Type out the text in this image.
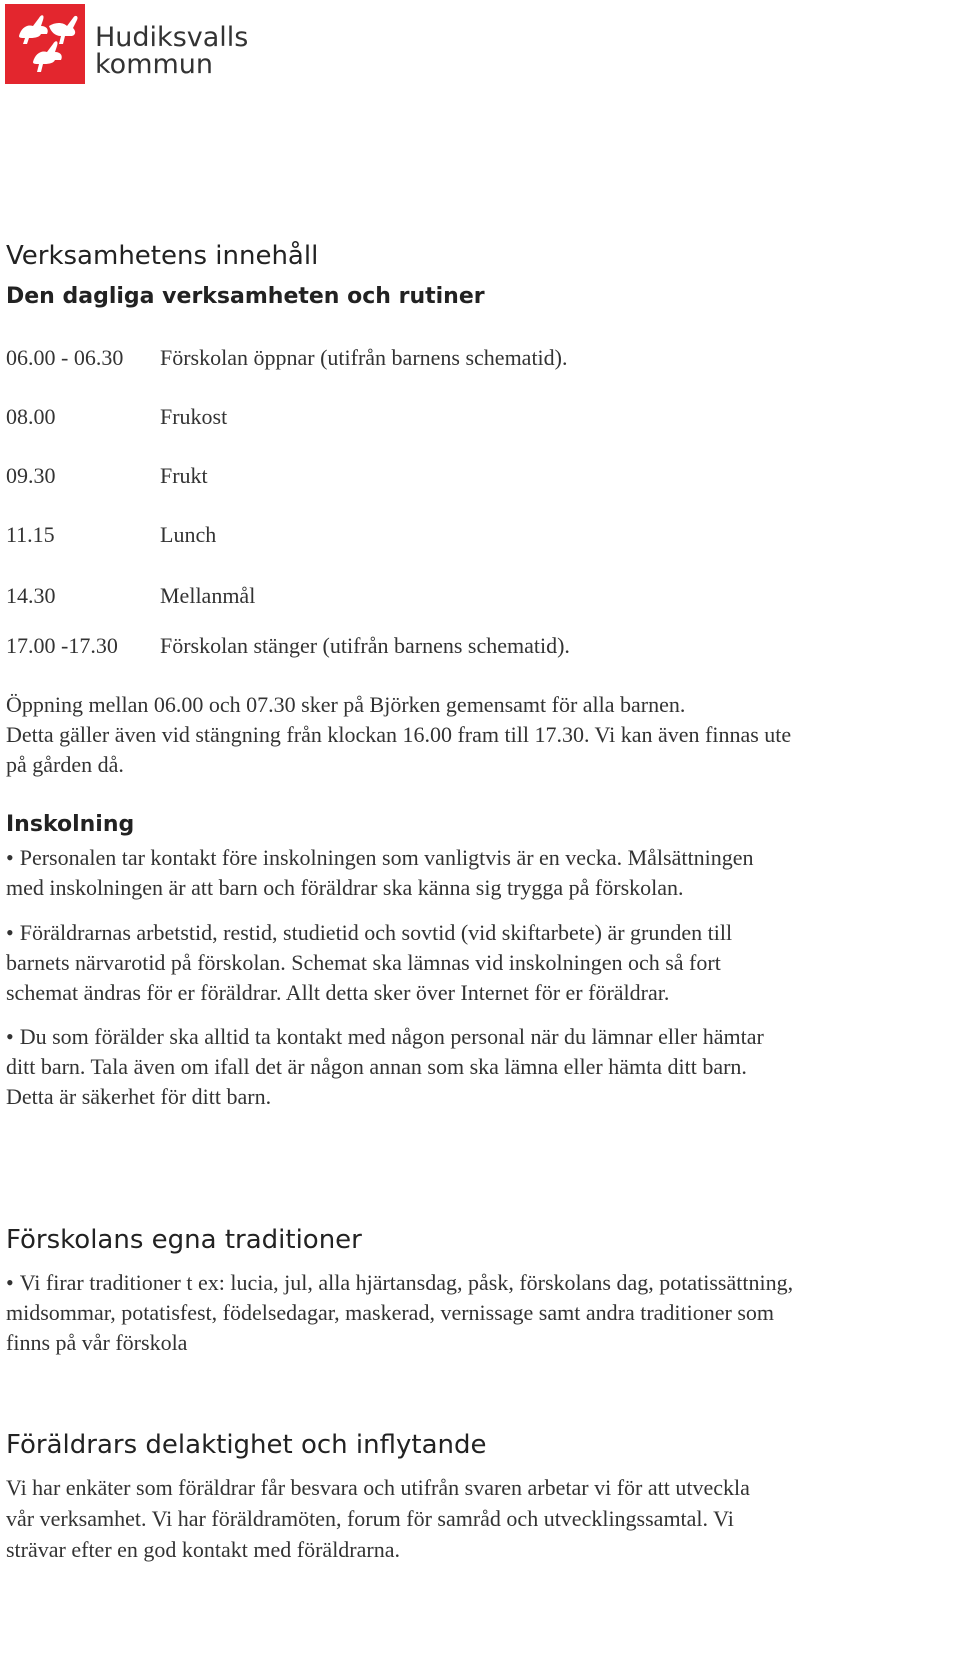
Hudiksvalls
kommun
Verksamhetens innehåll
Den dagliga verksamheten och rutiner
06.00 - 06.30 Förskolan öppnar (utifrån barnens schematid).
08.00	Frukost
09.30	Frukt
11.15	Lunch
14.30	Mellanmål
17.00 -17.30 Förskolan stänger (utifrån barnens schematid).

Öppning mellan 06.00 och 07.30 sker på Björken gemensamt för alla barnen.

Detta gäller även vid stängning från klockan 16.00 fram till 17.30. Vi kan även finnas ute

på gården då.

Inskolning
• Personalen tar kontakt före inskolningen som vanligtvis är en vecka. Målsättningen
med inskolningen är att barn och föräldrar ska känna sig trygga på förskolan.
• Föräldrarnas arbetstid, restid, studietid och sovtid (vid skiftarbete) är grunden till
barnets närvarotid på förskolan. Schemat ska lämnas vid inskolningen och så fort
schemat ändras för er föräldrar. Allt detta sker över Internet för er föräldrar.
• Du som förälder ska alltid ta kontakt med någon personal när du lämnar eller hämtar
ditt barn. Tala även om ifall det är någon annan som ska lämna eller hämta ditt barn.
Detta är säkerhet för ditt barn.
Förskolans egna traditioner
• Vi firar traditioner t ex: lucia, jul, alla hjärtansdag, påsk, förskolans dag, potatissättning,
midsommar, potatisfest, födelsedagar, maskerad, vernissage samt andra traditioner som
finns på vår förskola
Föräldrars delaktighet och inflytande

Vi har enkäter som föräldrar får besvara och utifrån svaren arbetar vi för att utveckla

vår verksamhet. Vi har föräldramöten, forum för samråd och utvecklingssamtal. Vi

strävar efter en god kontakt med föräldrarna.
